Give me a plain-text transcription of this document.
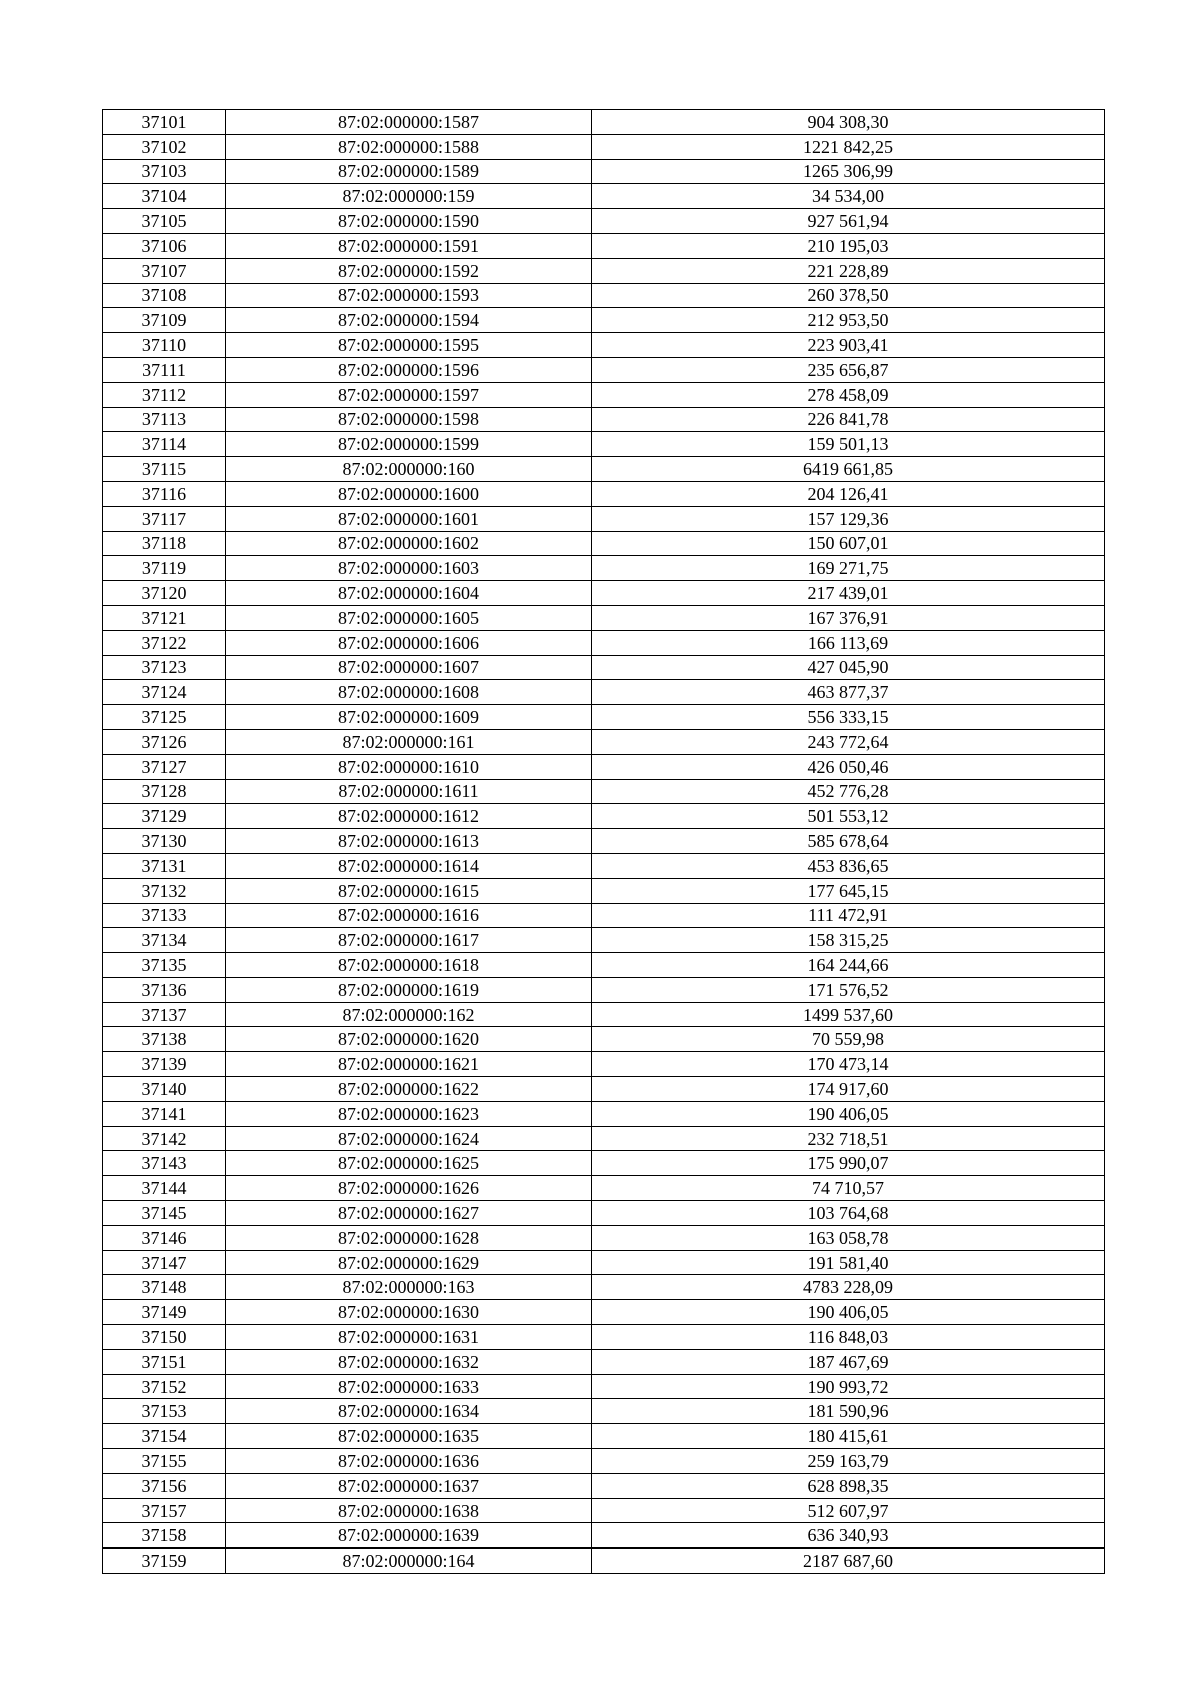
37101	87:02:000000:1587	904 308,30
37102	87:02:000000:1588	1221 842,25
37103	87:02:000000:1589	1265 306,99
37104	87:02:000000:159	34 534,00
37105	87:02:000000:1590	927 561,94
37106	87:02:000000:1591	210 195,03
37107	87:02:000000:1592	221 228,89
37108	87:02:000000:1593	260 378,50
37109	87:02:000000:1594	212 953,50
37110	87:02:000000:1595	223 903,41
37111	87:02:000000:1596	235 656,87
37112	87:02:000000:1597	278 458,09
37113	87:02:000000:1598	226 841,78
37114	87:02:000000:1599	159 501,13
37115	87:02:000000:160	6419 661,85
37116	87:02:000000:1600	204 126,41
37117	87:02:000000:1601	157 129,36
37118	87:02:000000:1602	150 607,01
37119	87:02:000000:1603	169 271,75
37120	87:02:000000:1604	217 439,01
37121	87:02:000000:1605	167 376,91
37122	87:02:000000:1606	166 113,69
37123	87:02:000000:1607	427 045,90
37124	87:02:000000:1608	463 877,37
37125	87:02:000000:1609	556 333,15
37126	87:02:000000:161	243 772,64
37127	87:02:000000:1610	426 050,46
37128	87:02:000000:1611	452 776,28
37129	87:02:000000:1612	501 553,12
37130	87:02:000000:1613	585 678,64
37131	87:02:000000:1614	453 836,65
37132	87:02:000000:1615	177 645,15
37133	87:02:000000:1616	111 472,91
37134	87:02:000000:1617	158 315,25
37135	87:02:000000:1618	164 244,66
37136	87:02:000000:1619	171 576,52
37137	87:02:000000:162	1499 537,60
37138	87:02:000000:1620	70 559,98
37139	87:02:000000:1621	170 473,14
37140	87:02:000000:1622	174 917,60
37141	87:02:000000:1623	190 406,05
37142	87:02:000000:1624	232 718,51
37143	87:02:000000:1625	175 990,07
37144	87:02:000000:1626	74 710,57
37145	87:02:000000:1627	103 764,68
37146	87:02:000000:1628	163 058,78
37147	87:02:000000:1629	191 581,40
37148	87:02:000000:163	4783 228,09
37149	87:02:000000:1630	190 406,05
37150	87:02:000000:1631	116 848,03
37151	87:02:000000:1632	187 467,69
37152	87:02:000000:1633	190 993,72
37153	87:02:000000:1634	181 590,96
37154	87:02:000000:1635	180 415,61
37155	87:02:000000:1636	259 163,79
37156	87:02:000000:1637	628 898,35
37157	87:02:000000:1638	512 607,97
37158	87:02:000000:1639	636 340,93
37159	87:02:000000:164	2187 687,60
